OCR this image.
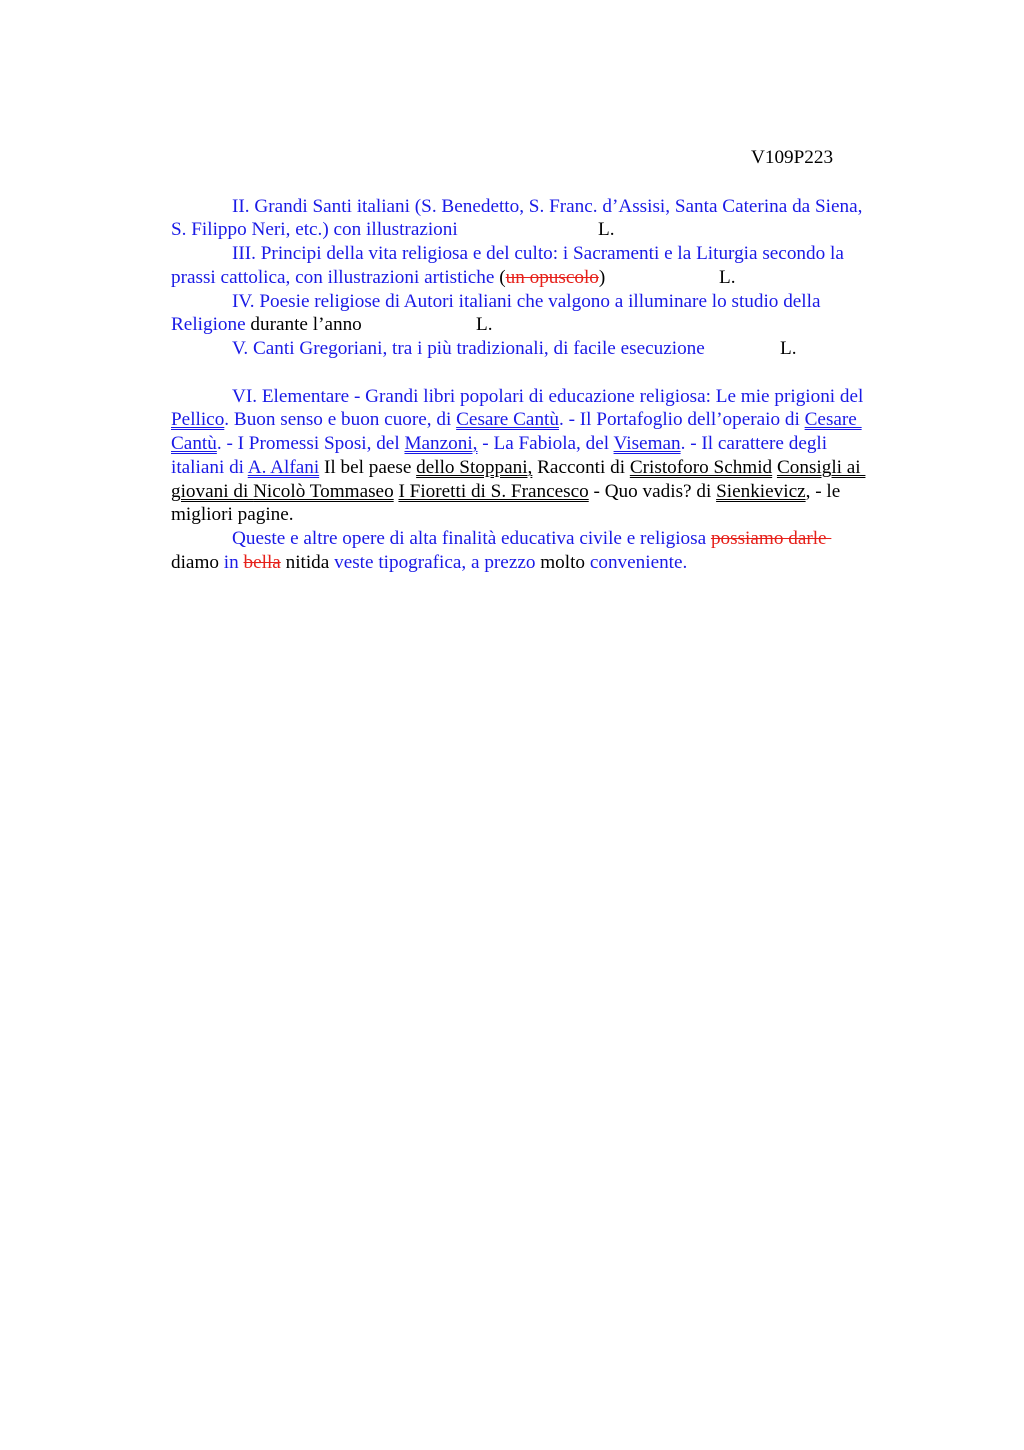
V109P223
II. Grandi Santi italiani (S. Benedetto, S. Franc. d’Assisi, Santa Caterina da Siena,
S. Filippo Neri, etc.) con illustrazioni	L.
III. Principi della vita religiosa e del culto: i Sacramenti e la Liturgia secondo la
prassi cattolica, con illustrazioni artistiche (un opuscolo)	L.
IV. Poesie religiose di Autori italiani che valgono a illuminare lo studio della
Religione durante l’anno	L.
V. Canti Gregoriani, tra i più tradizionali, di facile esecuzione	L.
VI. Elementare - Grandi libri popolari di educazione religiosa: Le mie prigioni del
Pellico. Buon senso e buon cuore, di Cesare Cantù. - Il Portafoglio dell’operaio di Cesare
Cantù. - I Promessi Sposi, del Manzoni, - La Fabiola, del Viseman. - Il carattere degli
italiani di A. Alfani Il bel paese dello Stoppani, Racconti di Cristoforo Schmid Consigli ai
giovani di Nicolò Tommaseo I Fioretti di S. Francesco - Quo vadis? di Sienkievicz, - le
migliori pagine.
Queste e altre opere di alta finalità educativa civile e religiosa possiamo darle
diamo in bella nitida veste tipografica, a prezzo molto conveniente.
